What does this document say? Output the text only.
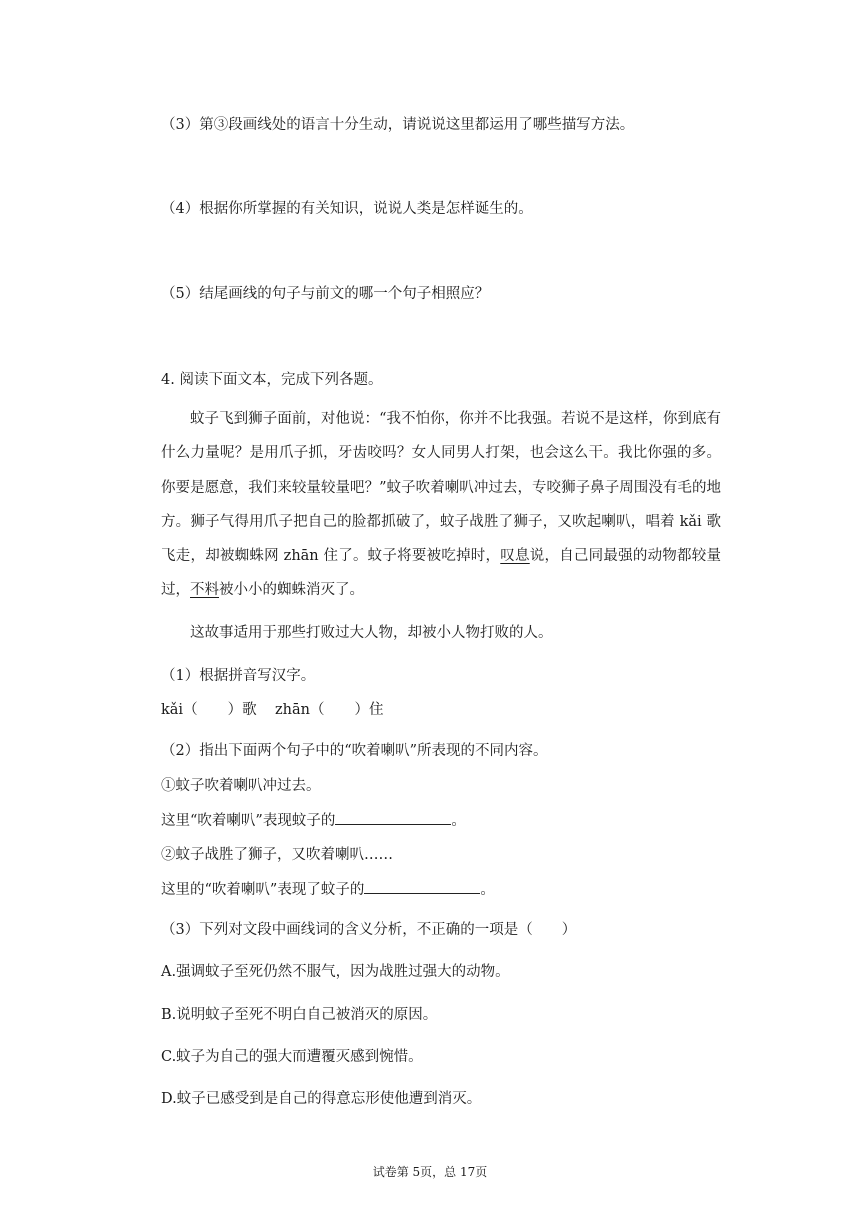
（3）第③段画线处的语言十分生动，请说说这里都运用了哪些描写方法。
（4）根据你所掌握的有关知识，说说人类是怎样诞生的。
（5）结尾画线的句子与前文的哪一个句子相照应？
4. 阅读下面文本，完成下列各题。
蚊子飞到狮子面前，对他说：“我不怕你，你并不比我强。若说不是这样，你到底有什么力量呢？是用爪子抓，牙齿咬吗？女人同男人打架，也会这么干。我比你强的多。你要是愿意，我们来较量较量吧？”蚊子吹着喇叭冲过去，专咬狮子鼻子周围没有毛的地方。狮子气得用爪子把自己的脸都抓破了，蚊子战胜了狮子，又吹起喇叭，唱着 kǎi 歌飞走，却被蜘蛛网 zhān 住了。蚊子将要被吃掉时，叹息说，自己同最强的动物都较量过，不料被小小的蜘蛛消灭了。
这故事适用于那些打败过大人物，却被小人物打败的人。
（1）根据拼音写汉字。
kǎi（ ）歌 zhān（ ）住
（2）指出下面两个句子中的“吹着喇叭”所表现的不同内容。
①蚊子吹着喇叭冲过去。
这里“吹着喇叭”表现蚊子的	。
②蚊子战胜了狮子，又吹着喇叭……
这里的“吹着喇叭”表现了蚊子的	。
（3）下列对文段中画线词的含义分析，不正确的一项是（　　）
A.强调蚊子至死仍然不服气，因为战胜过强大的动物。
B.说明蚊子至死不明白自己被消灭的原因。
C.蚊子为自己的强大而遭覆灭感到惋惜。
D.蚊子已感受到是自己的得意忘形使他遭到消灭。
试卷第 5页，总 17页
